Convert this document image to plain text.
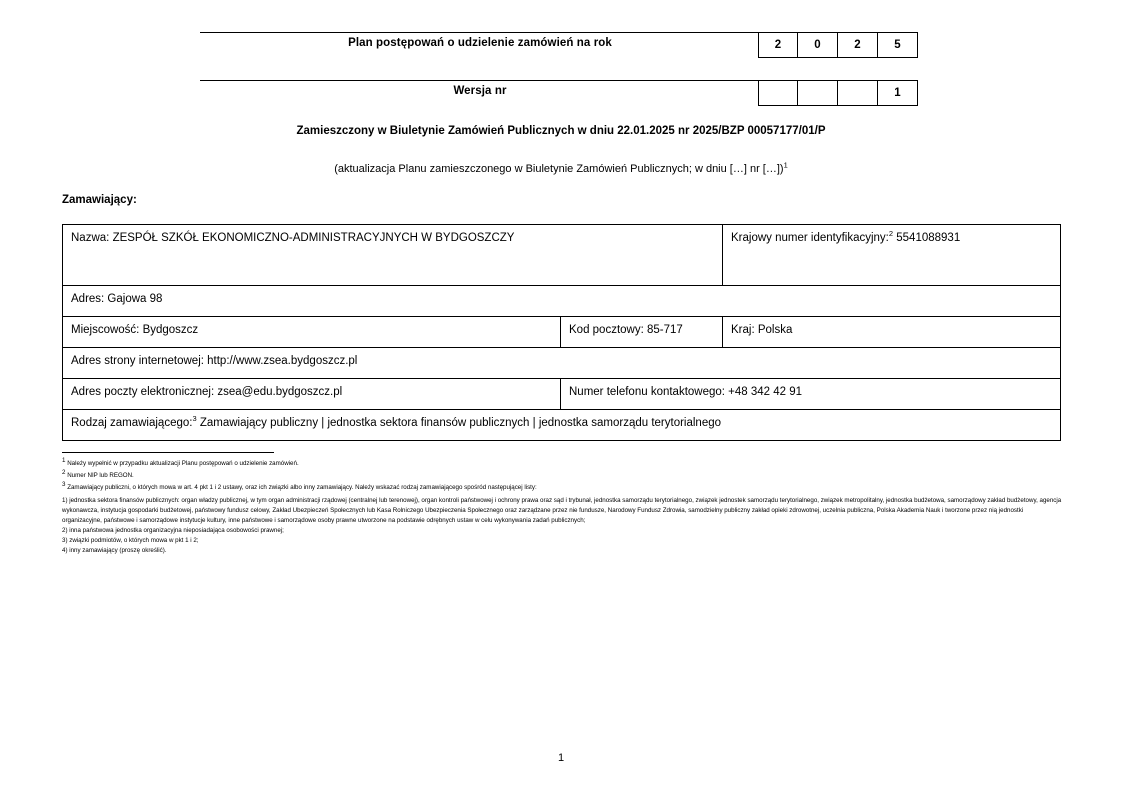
Plan postępowań o udzielenie zamówień na rok	2	0	2	5
Wersja nr	1
Zamieszczony w Biuletynie Zamówień Publicznych w dniu 22.01.2025 nr 2025/BZP 00057177/01/P
(aktualizacja Planu zamieszczonego w Biuletynie Zamówień Publicznych; w dniu […] nr […])$^1$
Zamawiający:
Nazwa: ZESPÓŁ SZKÓŁ EKONOMICZNO-ADMINISTRACYJNYCH W BYDGOSZCZY		Krajowy numer identyfikacyjny:$^2$ 5541088931
Adres: Gajowa 98		
Miejscowość: Bydgoszcz	Kod pocztowy: 85-717	Kraj: Polska
Adres strony internetowej: http://www.zsea.bydgoszcz.pl		
Adres poczty elektronicznej: zsea@edu.bydgoszcz.pl	Numer telefonu kontaktowego: +48 342 42 91	
Rodzaj zamawiającego:$^3$ Zamawiający publiczny | jednostka sektora finansów publicznych | jednostka samorządu terytorialnego		

1 Należy wypełnić w przypadku aktualizacji Planu postępowań o udzielenie zamówień.

2 Numer NIP lub REGON.

3 Zamawiający publiczni, o których mowa w art. 4 pkt 1 i 2 ustawy, oraz ich związki albo inny zamawiający. Należy wskazać rodzaj zamawiającego spośród następującej listy:

1) jednostka sektora finansów publicznych: organ władzy publicznej, w tym organ administracji rządowej (centralnej lub terenowej), organ kontroli państwowej i ochrony prawa oraz sąd i trybunał, jednostka samorządu terytorialnego, związek jednostek samorządu terytorialnego, związek metropolitalny, jednostka budżetowa, samorządowy zakład budżetowy, agencja wykonawcza, instytucja gospodarki budżetowej, państwowy fundusz celowy, Zakład Ubezpieczeń Społecznych lub Kasa Rolniczego Ubezpieczenia Społecznego oraz zarządzane przez nie fundusze, Narodowy Fundusz Zdrowia, samodzielny publiczny zakład opieki zdrowotnej, uczelnia publiczna, Polska Akademia Nauk i tworzone przez nią jednostki organizacyjne, państwowe i samorządowe instytucje kultury, inne państwowe i samorządowe osoby prawne utworzone na podstawie odrębnych ustaw w celu wykonywania zadań publicznych;

2) inna państwowa jednostka organizacyjna nieposiadająca osobowości prawnej;

3) związki podmiotów, o których mowa w pkt 1 i 2;

4) inny zamawiający (proszę określić).

1
